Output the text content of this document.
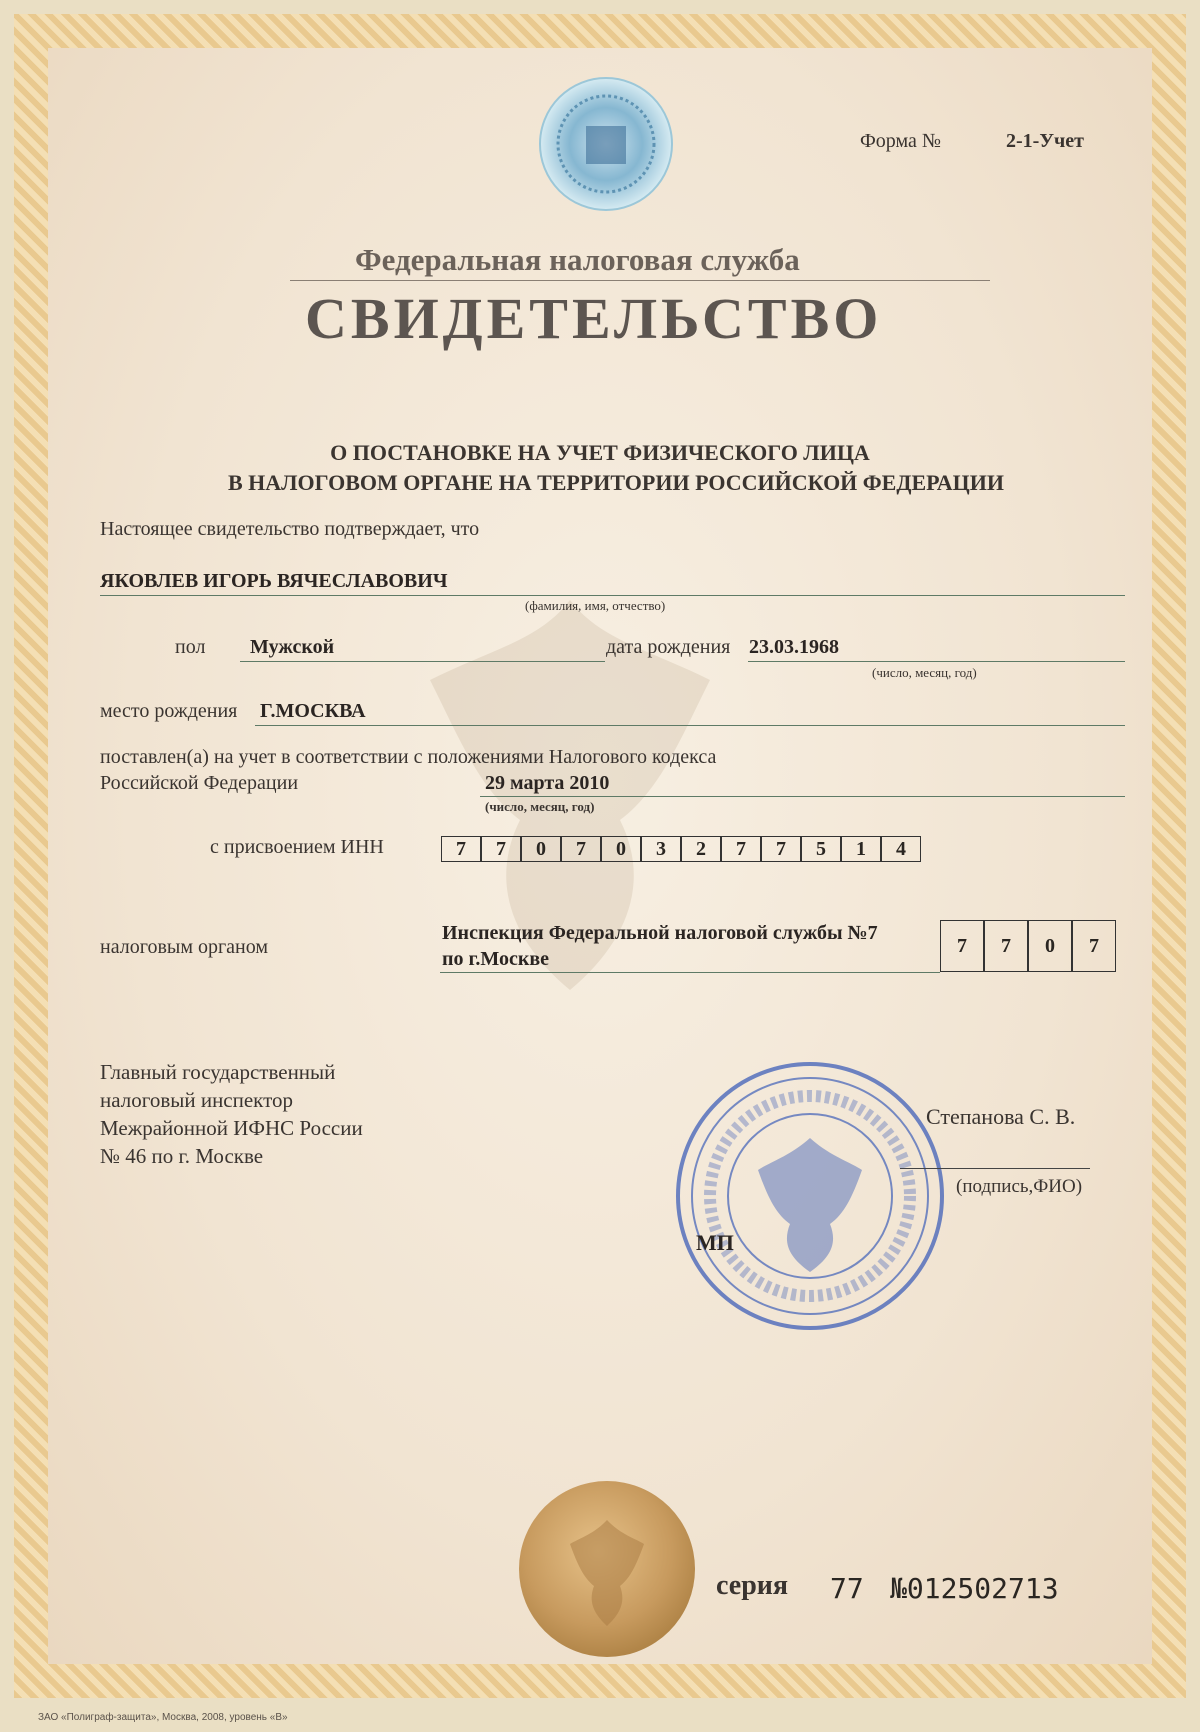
Форма №	2-1-Учет
Федеральная налоговая служба
СВИДЕТЕЛЬСТВО
О ПОСТАНОВКЕ НА УЧЕТ ФИЗИЧЕСКОГО ЛИЦА
В НАЛОГОВОМ ОРГАНЕ НА ТЕРРИТОРИИ РОССИЙСКОЙ ФЕДЕРАЦИИ
Настоящее свидетельство подтверждает, что
ЯКОВЛЕВ ИГОРЬ ВЯЧЕСЛАВОВИЧ
(фамилия, имя, отчество)
пол Мужской	дата рождения 23.03.1968
(число, месяц, год)
место рождения Г.МОСКВА
поставлен(а) на учет в соответствии с положениями Налогового кодекса
Российской Федерации	29 марта 2010
(число, месяц, год)
с присвоением ИНН	7	7	0	7	0	3	2	7	7	5	1	4
налоговым органом
Инспекция Федеральной налоговой службы №7
по г.Москве
7	7	0	7
Главный государственный
налоговый инспектор
Межрайонной ИФНС России
№ 46 по г. Москве
Степанова С. В.
(подпись,ФИО)
МП
серия 77 №012502713
ЗАО «Полиграф-защита», Москва, 2008, уровень «В»
